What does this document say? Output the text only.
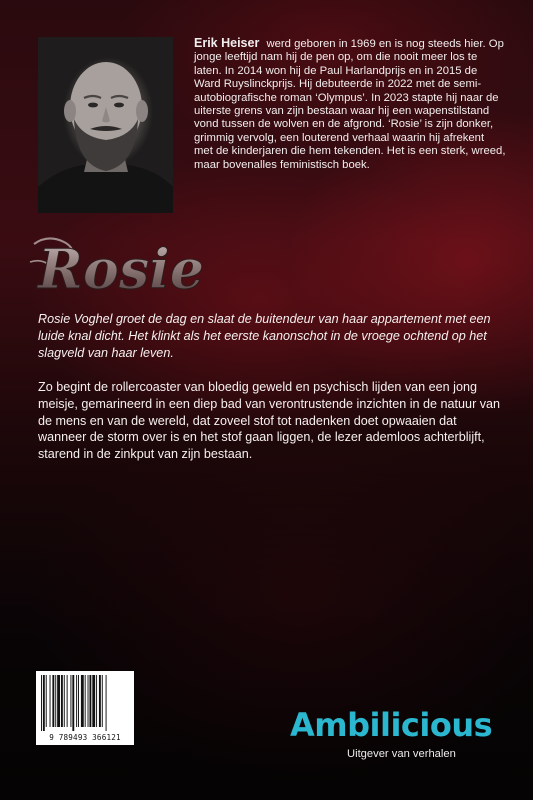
Erik Heiser werd geboren in 1969 en is nog steeds hier. Op jonge leeftijd nam hij de pen op, om die nooit meer los te laten. In 2014 won hij de Paul Harlandprijs en in 2015 de Ward Ruyslinckprijs. Hij debuteerde in 2022 met de semi-autobiografische roman ‘Olympus’. In 2023 stapte hij naar de uiterste grens van zijn bestaan waar hij een wapenstilstand vond tussen de wolven en de afgrond. ‘Rosie’ is zijn donker, grimmig vervolg, een louterend verhaal waarin hij afrekent met de kinderjaren die hem tekenden. Het is een sterk, wreed, maar bovenalles feministisch boek.
Rosie
Rosie Voghel groet de dag en slaat de buitendeur van haar appartement met een luide knal dicht. Het klinkt als het eerste kanonschot in de vroege ochtend op het slagveld van haar leven.
Zo begint de rollercoaster van bloedig geweld en psychisch lijden van een jong meisje, gemarineerd in een diep bad van verontrustende inzichten in de natuur van de mens en van de wereld, dat zoveel stof tot nadenken doet opwaaien dat wanneer de storm over is en het stof gaan liggen, de lezer ademloos achterblijft, starend in de zinkput van zijn bestaan.
9 789493 366121	Ambilicious
Uitgever van verhalen
